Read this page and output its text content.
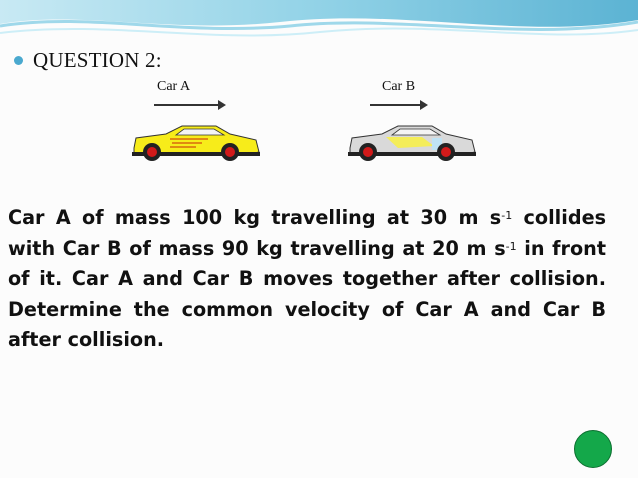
QUESTION 2:
Car A	Car B
Car A of mass 100 kg travelling at 30 m $s^{-1}$ collides with Car B of mass 90 kg travelling at 20 m $s^{-1}$ in front of it. Car A and Car B moves together after collision. Determine the common velocity of Car A and Car B after collision.
